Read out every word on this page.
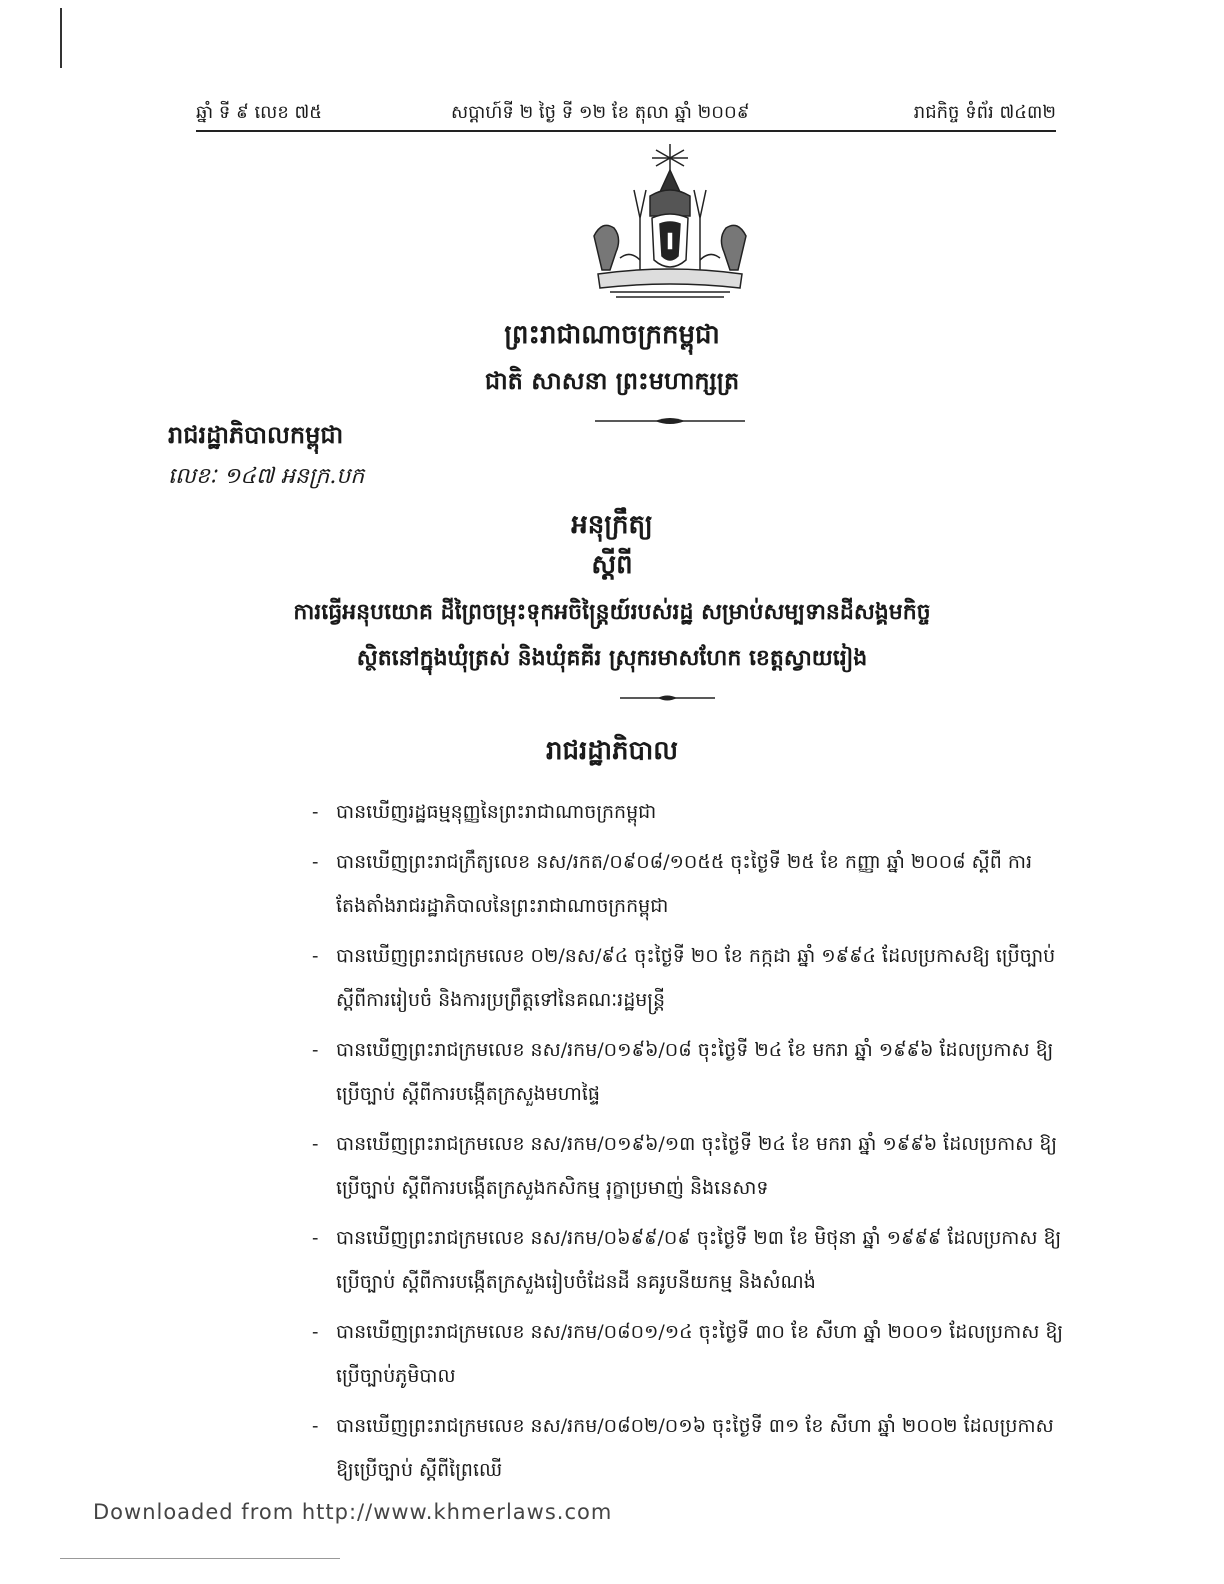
ឆ្នាំ ទី ៩ លេខ ៧៥	សប្តាហ៍ទី ២ ថ្ងៃ ទី ១២ ខែ តុលា ឆ្នាំ ២០០៩	រាជកិច្ច ទំព័រ ៧៤៣២
ព្រះរាជាណាចក្រកម្ពុជា
ជាតិ សាសនា ព្រះមហាក្សត្រ
រាជរដ្ឋាភិបាលកម្ពុជា
លេខៈ ១៤៧ អនក្រ.បក
អនុក្រឹត្យ
ស្តីពី
ការធ្វើអនុបយោគ ដីព្រៃចម្រុះទុកអចិន្ត្រៃយ៍របស់រដ្ឋ សម្រាប់សម្បទានដីសង្គមកិច្ច
ស្ថិតនៅក្នុងឃុំត្រស់ និងឃុំគគីរ ស្រុករមាសហែក ខេត្តស្វាយរៀង
រាជរដ្ឋាភិបាល
- បានឃើញរដ្ឋធម្មនុញ្ញនៃព្រះរាជាណាចក្រកម្ពុជា
- បានឃើញព្រះរាជក្រឹត្យលេខ នស/រកត/០៩០៨/១០៥៥ ចុះថ្ងៃទី ២៥ ខែ កញ្ញា ឆ្នាំ ២០០៨ ស្តីពី ការតែងតាំងរាជរដ្ឋាភិបាលនៃព្រះរាជាណាចក្រកម្ពុជា
- បានឃើញព្រះរាជក្រមលេខ ០២/នស/៩៤ ចុះថ្ងៃទី ២០ ខែ កក្កដា ឆ្នាំ ១៩៩៤ ដែលប្រកាសឱ្យ ប្រើច្បាប់ ស្តីពីការរៀបចំ និងការប្រព្រឹត្តទៅនៃគណៈរដ្ឋមន្ត្រី
- បានឃើញព្រះរាជក្រមលេខ នស/រកម/០១៩៦/០៨ ចុះថ្ងៃទី ២៤ ខែ មករា ឆ្នាំ ១៩៩៦ ដែលប្រកាស ឱ្យប្រើច្បាប់ ស្តីពីការបង្កើតក្រសួងមហាផ្ទៃ
- បានឃើញព្រះរាជក្រមលេខ នស/រកម/០១៩៦/១៣ ចុះថ្ងៃទី ២៤ ខែ មករា ឆ្នាំ ១៩៩៦ ដែលប្រកាស ឱ្យប្រើច្បាប់ ស្តីពីការបង្កើតក្រសួងកសិកម្ម រុក្ខាប្រមាញ់ និងនេសាទ
- បានឃើញព្រះរាជក្រមលេខ នស/រកម/០៦៩៩/០៩ ចុះថ្ងៃទី ២៣ ខែ មិថុនា ឆ្នាំ ១៩៩៩ ដែលប្រកាស ឱ្យប្រើច្បាប់ ស្តីពីការបង្កើតក្រសួងរៀបចំដែនដី នគរូបនីយកម្ម និងសំណង់
- បានឃើញព្រះរាជក្រមលេខ នស/រកម/០៨០១/១៤ ចុះថ្ងៃទី ៣០ ខែ សីហា ឆ្នាំ ២០០១ ដែលប្រកាស ឱ្យប្រើច្បាប់ភូមិបាល
- បានឃើញព្រះរាជក្រមលេខ នស/រកម/០៨០២/០១៦ ចុះថ្ងៃទី ៣១ ខែ សីហា ឆ្នាំ ២០០២ ដែលប្រកាស ឱ្យប្រើច្បាប់ ស្តីពីព្រៃឈើ
Downloaded from http://www.khmerlaws.com
